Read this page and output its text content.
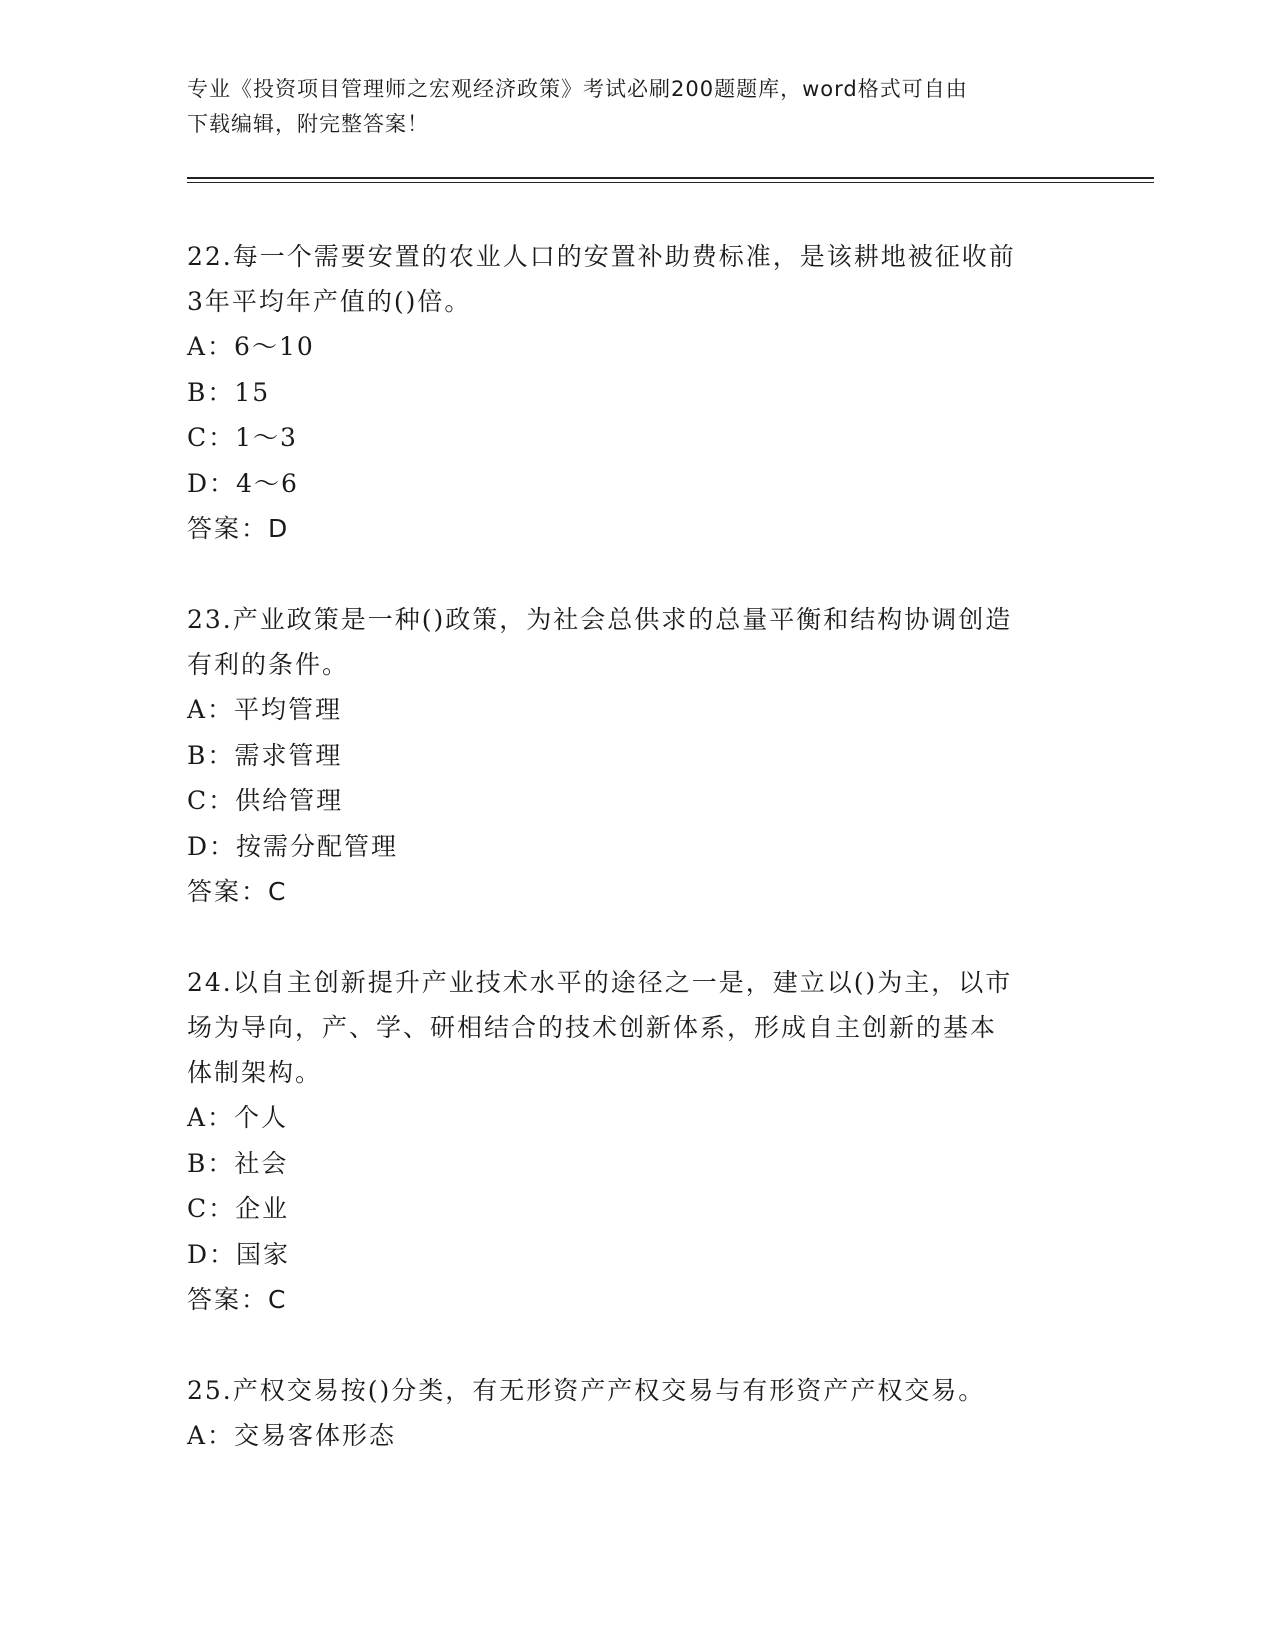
专业《投资项目管理师之宏观经济政策》考试必刷200题题库，word格式可自由
下载编辑，附完整答案！

22.每一个需要安置的农业人口的安置补助费标准，是该耕地被征收前

3年平均年产值的()倍。

A：6～10

B：15

C：1～3

D：4～6

答案：D

23.产业政策是一种()政策，为社会总供求的总量平衡和结构协调创造

有利的条件。

A：平均管理

B：需求管理

C：供给管理

D：按需分配管理

答案：C

24.以自主创新提升产业技术水平的途径之一是，建立以()为主，以市

场为导向，产、学、研相结合的技术创新体系，形成自主创新的基本

体制架构。

A：个人

B：社会

C：企业

D：国家

答案：C

25.产权交易按()分类，有无形资产产权交易与有形资产产权交易。

A：交易客体形态
